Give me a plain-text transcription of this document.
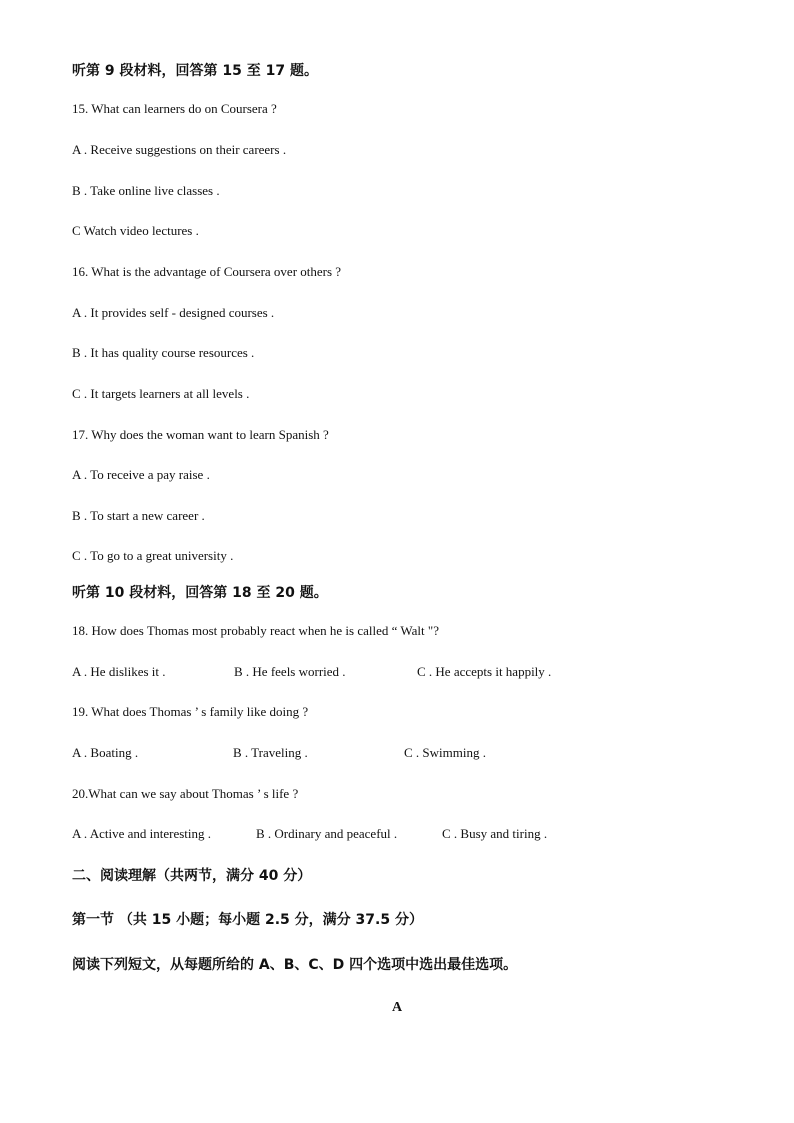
听第 9 段材料，回答第 15 至 17 题。
15. What can learners do on Coursera ?
A . Receive suggestions on their careers .
B . Take online live classes .
C Watch video lectures .
16. What is the advantage of Coursera over others ?
A . It provides self - designed courses .
B . It has quality course resources .
C . It targets learners at all levels .
17. Why does the woman want to learn Spanish ?
A . To receive a pay raise .
B . To start a new career .
C . To go to a great university .
听第 10 段材料，回答第 18 至 20 题。
18. How does Thomas most probably react when he is called “ Walt "?
A . He dislikes it .	B . He feels worried .	C . He accepts it happily .
19. What does Thomas ’ s family like doing ?
A . Boating .	B . Traveling .	C . Swimming .
20.What can we say about Thomas ’ s life ?
A . Active and interesting .	B . Ordinary and peaceful .	C . Busy and tiring .
二、阅读理解（共两节，满分 40 分）
第一节 （共 15 小题；每小题 2.5 分，满分 37.5 分）
阅读下列短文，从每题所给的 A、B、C、D 四个选项中选出最佳选项。
A
